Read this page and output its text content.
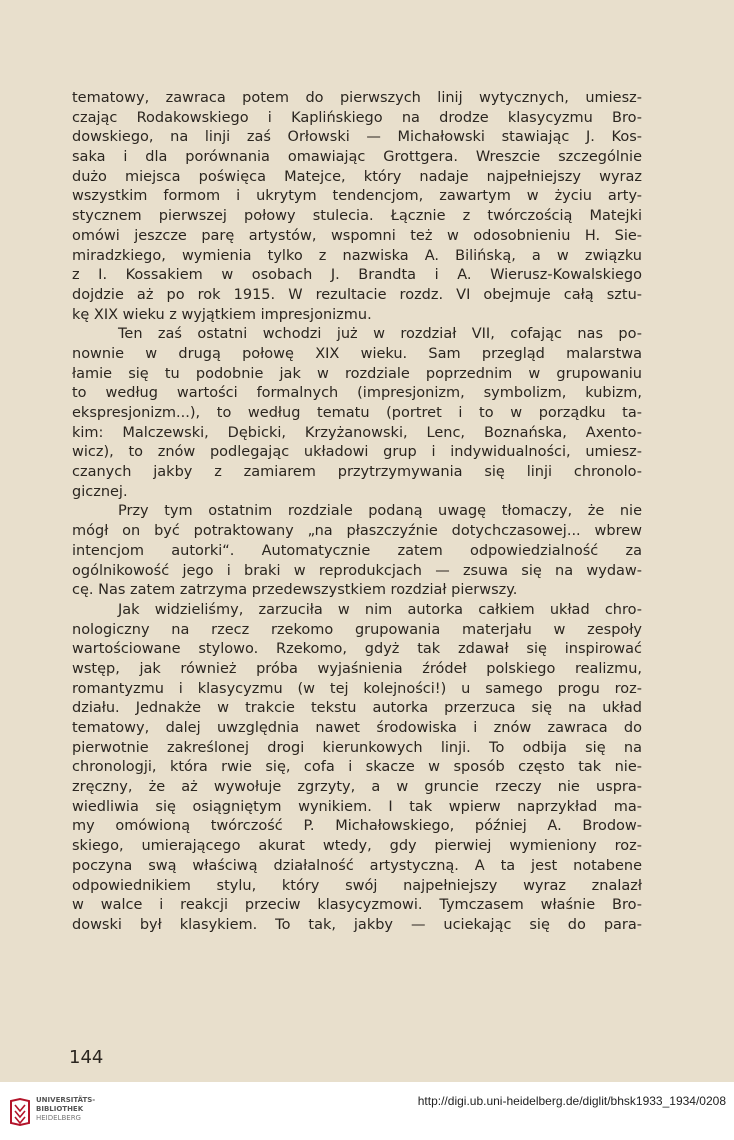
tematowy, zawraca potem do pierwszych linij wytycznych, umiesz-
czając Rodakowskiego i Kaplińskiego na drodze klasycyzmu Bro-
dowskiego, na linji zaś Orłowski — Michałowski stawiając J. Kos-
saka i dla porównania omawiając Grottgera. Wreszcie szczególnie
dużo miejsca poświęca Matejce, który nadaje najpełniejszy wyraz
wszystkim formom i ukrytym tendencjom, zawartym w życiu arty-
stycznem pierwszej połowy stulecia. Łącznie z twórczością Matejki
omówi jeszcze parę artystów, wspomni też w odosobnieniu H. Sie-
miradzkiego, wymienia tylko z nazwiska A. Bilińską, a w związku
z I. Kossakiem w osobach J. Brandta i A. Wierusz-Kowalskiego
dojdzie aż po rok 1915. W rezultacie rozdz. VI obejmuje całą sztu-
kę XIX wieku z wyjątkiem impresjonizmu.
Ten zaś ostatni wchodzi już w rozdział VII, cofając nas po-
nownie w drugą połowę XIX wieku. Sam przegląd malarstwa
łamie się tu podobnie jak w rozdziale poprzednim w grupowaniu
to według wartości formalnych (impresjonizm, symbolizm, kubizm,
ekspresjonizm...), to według tematu (portret i to w porządku ta-
kim: Malczewski, Dębicki, Krzyżanowski, Lenc, Boznańska, Axento-
wicz), to znów podlegając układowi grup i indywidualności, umiesz-
czanych jakby z zamiarem przytrzymywania się linji chronolo-
gicznej.
Przy tym ostatnim rozdziale podaną uwagę tłomaczy, że nie
mógł on być potraktowany „na płaszczyźnie dotychczasowej... wbrew
intencjom autorki“. Automatycznie zatem odpowiedzialność za
ogólnikowość jego i braki w reprodukcjach — zsuwa się na wydaw-
cę. Nas zatem zatrzyma przedewszystkiem rozdział pierwszy.
Jak widzieliśmy, zarzuciła w nim autorka całkiem układ chro-
nologiczny na rzecz rzekomo grupowania materjału w zespoły
wartościowane stylowo. Rzekomo, gdyż tak zdawał się inspirować
wstęp, jak również próba wyjaśnienia źródeł polskiego realizmu,
romantyzmu i klasycyzmu (w tej kolejności!) u samego progu roz-
działu. Jednakże w trakcie tekstu autorka przerzuca się na układ
tematowy, dalej uwzględnia nawet środowiska i znów zawraca do
pierwotnie zakreślonej drogi kierunkowych linji. To odbija się na
chronologji, która rwie się, cofa i skacze w sposób często tak nie-
zręczny, że aż wywołuje zgrzyty, a w gruncie rzeczy nie uspra-
wiedliwia się osiągniętym wynikiem. I tak wpierw naprzykład ma-
my omówioną twórczość P. Michałowskiego, później A. Brodow-
skiego, umierającego akurat wtedy, gdy pierwiej wymieniony roz-
poczyna swą właściwą działalność artystyczną. A ta jest notabene
odpowiednikiem stylu, który swój najpełniejszy wyraz znalazł
w walce i reakcji przeciw klasycyzmowi. Tymczasem właśnie Bro-
dowski był klasykiem. To tak, jakby — uciekając się do para-
144
UNIVERSITÄTS-
BIBLIOTHEK
HEIDELBERG
http://digi.ub.uni-heidelberg.de/diglit/bhsk1933_1934/0208
